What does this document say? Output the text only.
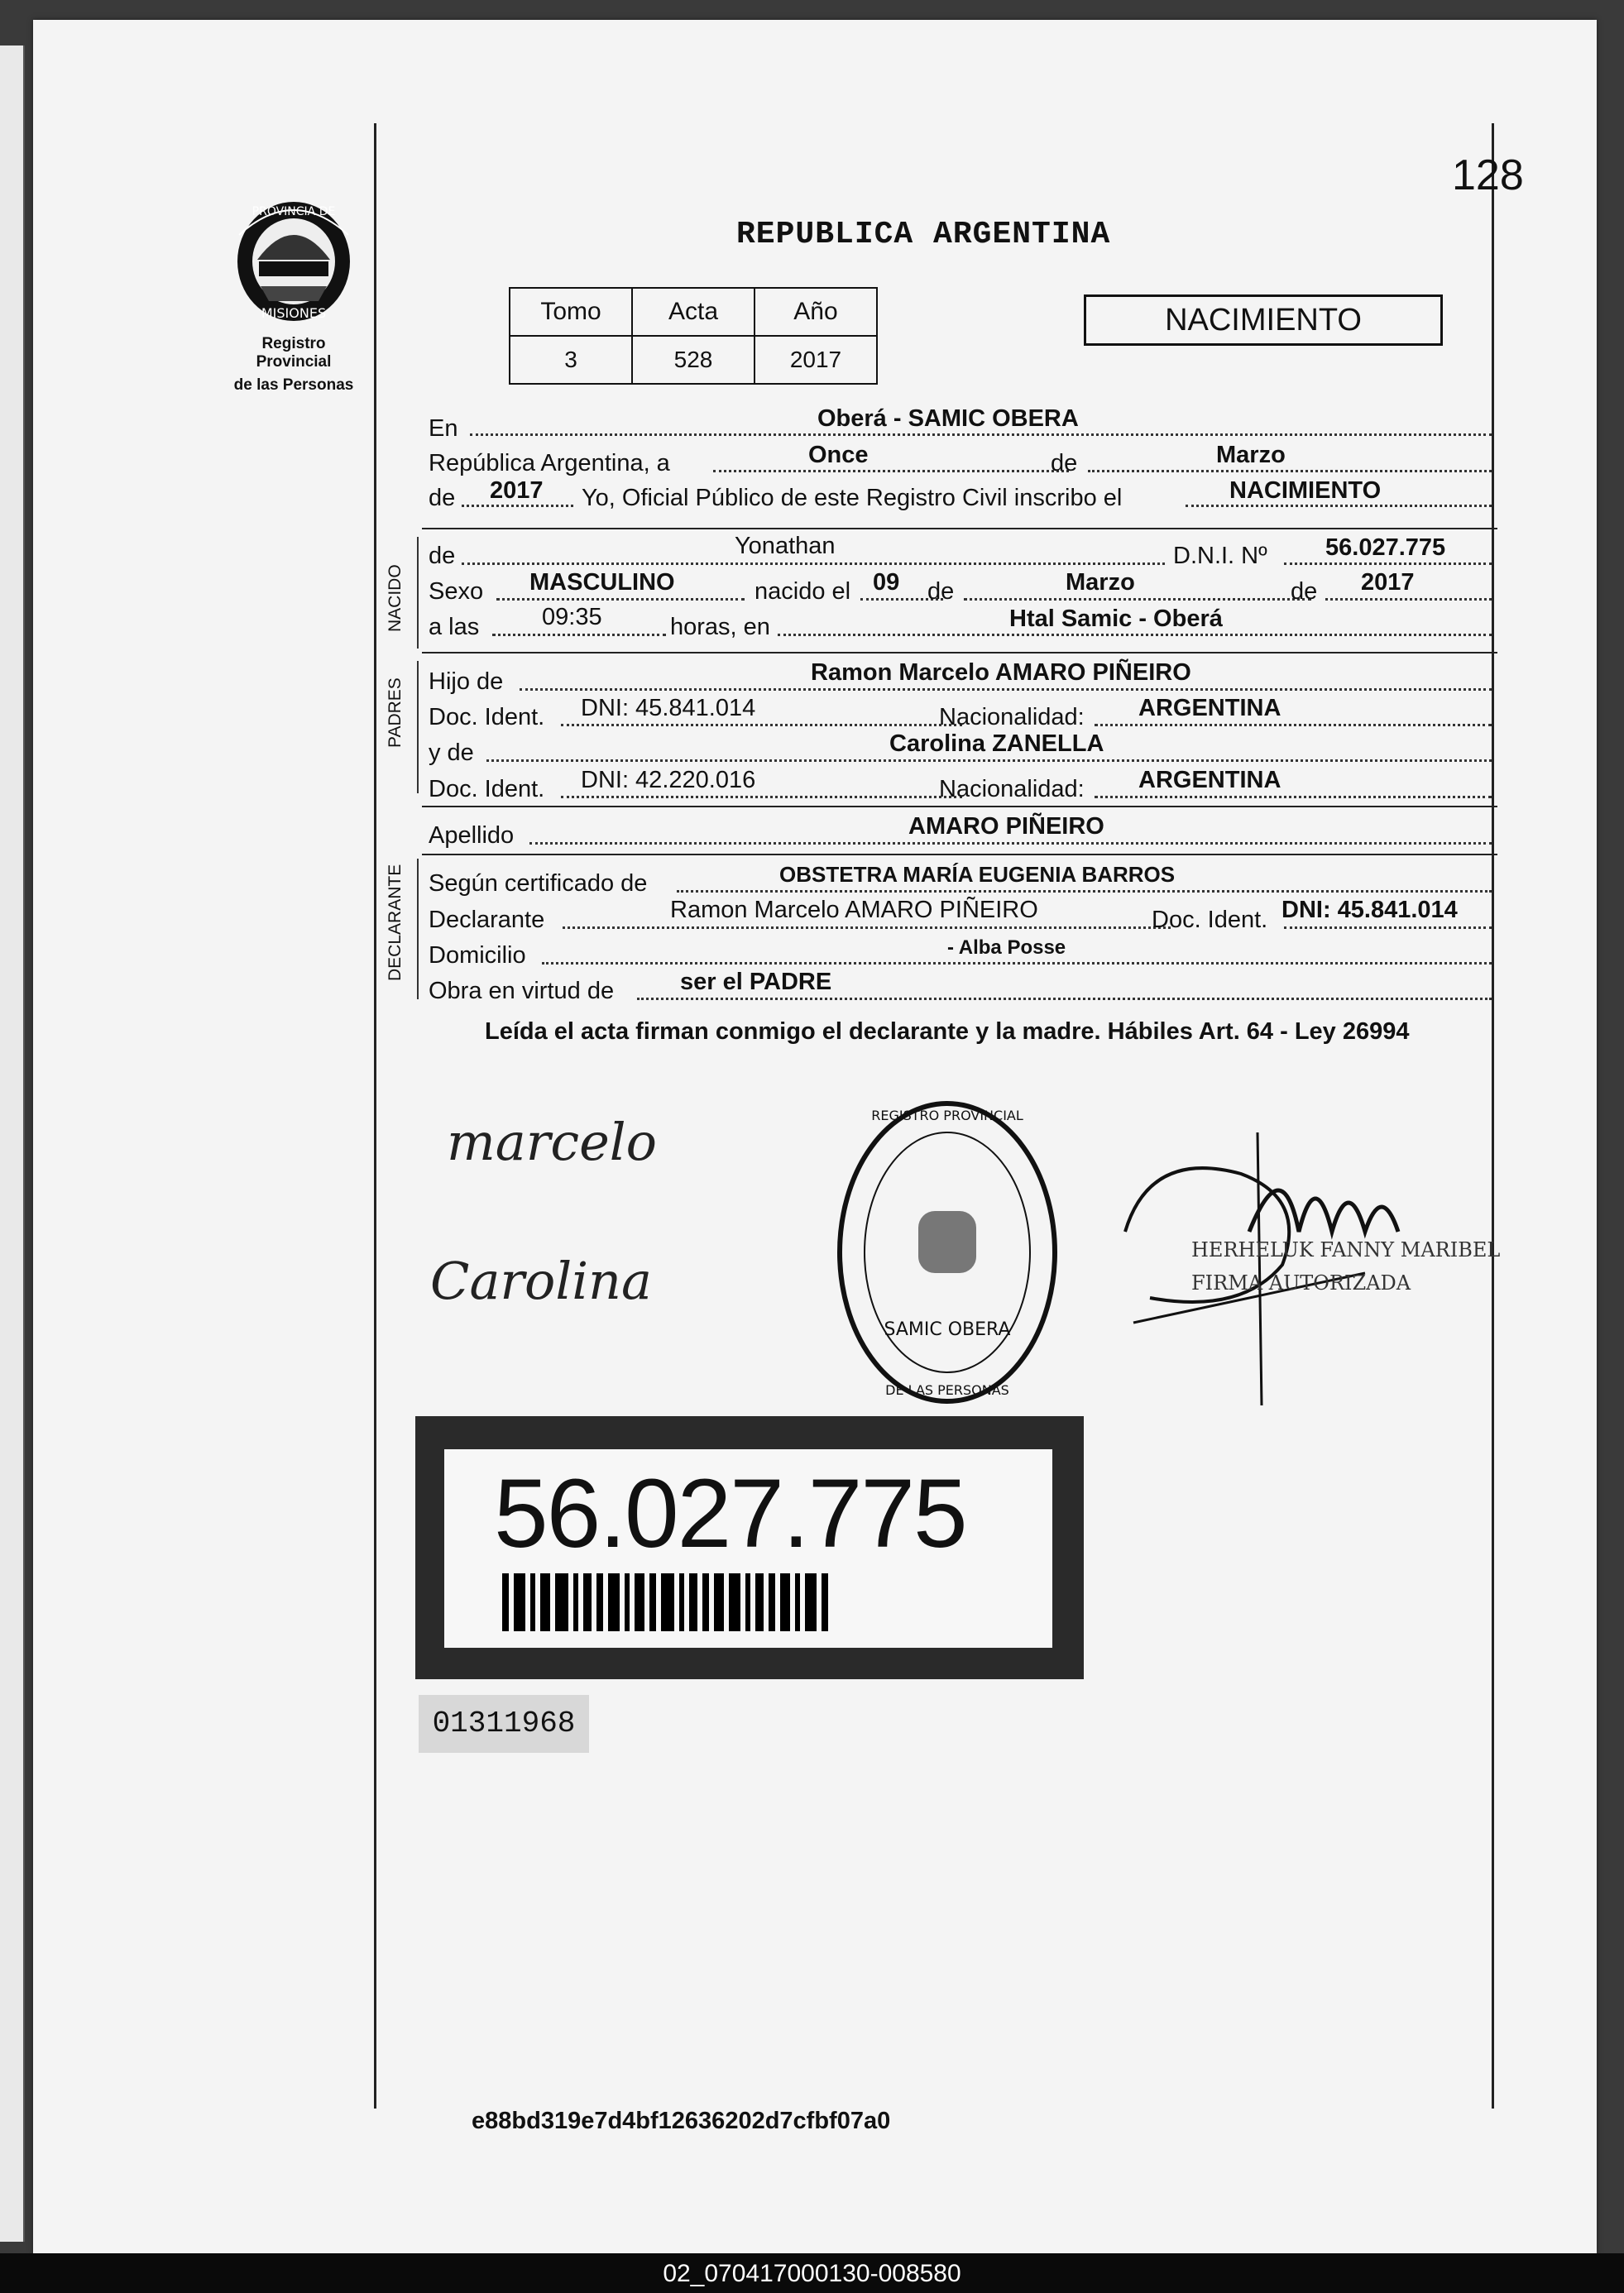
128
PROVINCIA DE
MISIONES
Registro Provincial
de las Personas
REPUBLICA ARGENTINA
Tomo	Acta	Año
3	528	2017
NACIMIENTO
En	Oberá - SAMIC OBERA
República Argentina, a	Once	de	Marzo
de 2017 Yo, Oficial Público de este Registro Civil inscribo el	NACIMIENTO
NACIDO
de	Yonathan	D.N.I. Nº 56.027.775
Sexo MASCULINO	nacido el 09 de	Marzo	de 2017
a las	09:35	horas, en	Htal Samic - Oberá
PADRES Hijo de	Ramon Marcelo AMARO PIÑEIRO
Doc. Ident. DNI: 45.841.014	Nacionalidad: ARGENTINA
y de	Carolina ZANELLA
Doc. Ident. DNI: 42.220.016	Nacionalidad: ARGENTINA
Apellido	AMARO PIÑEIRO
DECLARANTE Según certificado de	OBSTETRA MARÍA EUGENIA BARROS
Declarante	Ramon Marcelo AMARO PIÑEIRO	Doc. Ident. DNI: 45.841.014
Domicilio	- Alba Posse
Obra en virtud de	ser el PADRE
Leída el acta firman conmigo el declarante y la madre. Hábiles Art. 64 - Ley 26994
marcelo
Carolina
SAMIC OBERA
REGISTRO PROVINCIAL
DE LAS PERSONAS
HERHELUK FANNY MARIBEL
FIRMA AUTORIZADA
56.027.775
01311968
e88bd319e7d4bf12636202d7cfbf07a0
02_070417000130-008580
